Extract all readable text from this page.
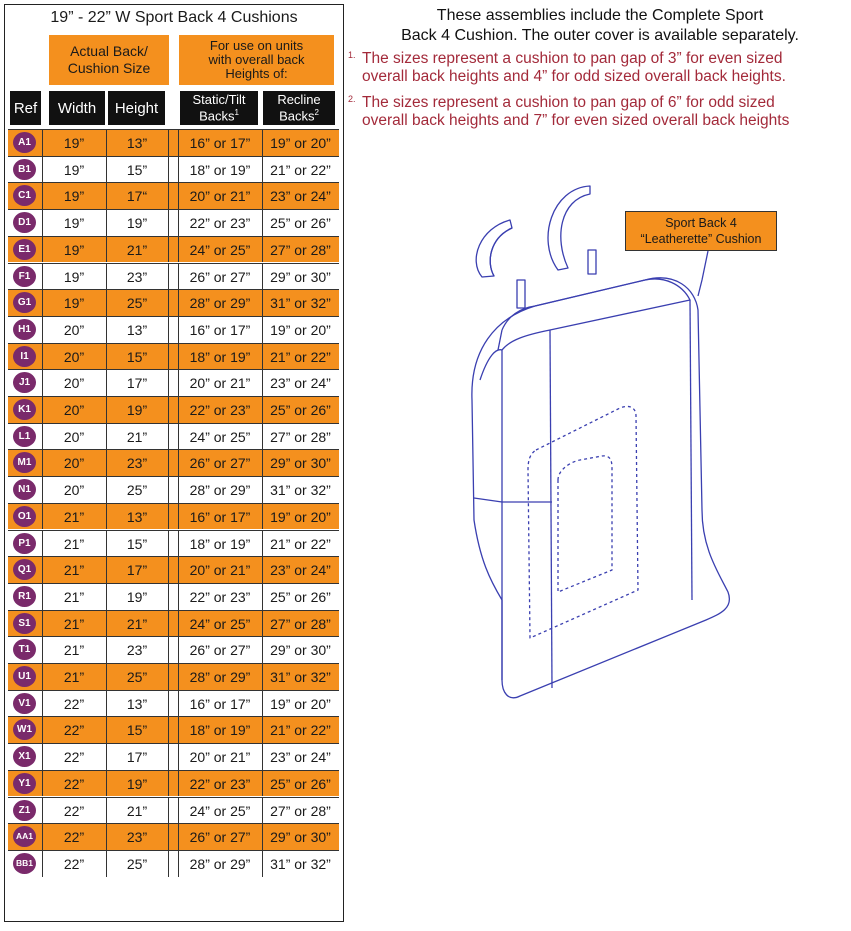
19” - 22” W Sport Back 4 Cushions
Actual Back/
Cushion Size
For use on units
with overall back
Heights of:
Ref	Width	Height	Static/Tilt
Backs$^1$
Recline
Backs$^2$
A1	19”	13”	16” or 17”	19” or 20”
B1	19”	15”	18” or 19”	21” or 22”
C1	19”	17“	20” or 21”	23” or 24”
D1	19”	19”	22” or 23”	25” or 26”
E1	19”	21”	24” or 25”	27” or 28”
F1	19”	23”	26” or 27”	29” or 30”
G1	19”	25”	28” or 29”	31” or 32”
H1	20”	13”	16” or 17”	19” or 20”
I1	20”	15”	18” or 19”	21” or 22”
J1	20”	17”	20” or 21”	23” or 24”
K1	20”	19”	22” or 23”	25” or 26”
L1	20”	21”	24” or 25”	27” or 28”
M1	20”	23”	26” or 27”	29” or 30”
N1	20”	25”	28” or 29”	31” or 32”
O1	21”	13”	16” or 17”	19” or 20”
P1	21”	15”	18” or 19”	21” or 22”
Q1	21”	17”	20” or 21”	23” or 24”
R1	21”	19”	22” or 23”	25” or 26”
S1	21”	21”	24” or 25”	27” or 28”
T1	21”	23”	26” or 27”	29” or 30”
U1	21”	25”	28” or 29”	31” or 32”
V1	22”	13”	16” or 17”	19” or 20”
W1	22”	15”	18” or 19”	21” or 22”
X1	22”	17”	20” or 21”	23” or 24”
Y1	22”	19”	22” or 23”	25” or 26”
Z1	22”	21”	24” or 25”	27” or 28”
AA1	22”	23”	26” or 27”	29” or 30”
BB1	22”	25”	28” or 29”	31” or 32”
These assemblies include the Complete Sport
Back 4 Cushion. The outer cover is available separately.
1. The sizes represent a cushion to pan gap of 3” for even sized
overall back heights and 4” for odd sized overall back heights.
2. The sizes represent a cushion to pan gap of 6” for odd sized
overall back heights and 7” for even sized overall back heights
Sport Back 4
“Leatherette” Cushion
